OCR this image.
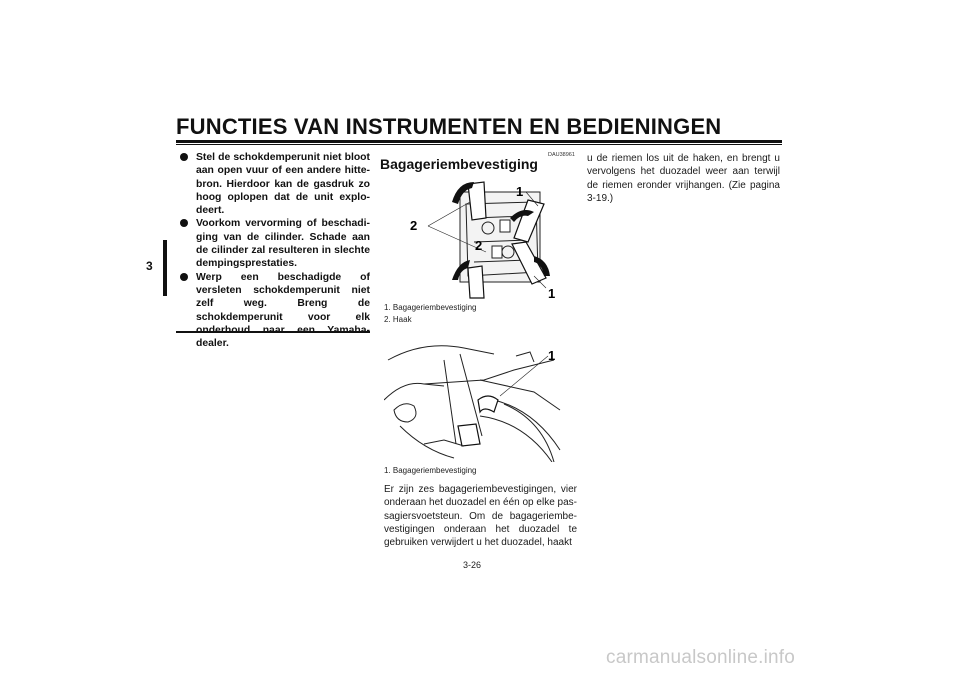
FUNCTIES VAN INSTRUMENTEN EN BEDIENINGEN
3
Stel de schokdemperunit niet bloot aan open vuur of een andere hitte-bron. Hierdoor kan de gasdruk zo hoog oplopen dat de unit explo-deert.
Voorkom vervorming of beschadi-ging van de cilinder. Schade aan de cilinder zal resulteren in slechte dempingsprestaties.
Werp een beschadigde of versleten schokdemperunit niet zelf weg. Breng de schokdemperunit voor elk dealer.
DAU38961
Bagageriembevestiging
1
2
2
1
1. Bagageriembevestiging
2. Haak
1
1. Bagageriembevestiging
Er zijn zes bagageriembevestigingen, vier onderaan het duozadel en één op elke pas-sagiersvoetsteun. Om de bagageriembe-vestigingen onderaan het duozadel te gebruiken verwijdert u het duozadel, haakt
u de riemen los uit de haken, en brengt u vervolgens het duozadel weer aan terwijl de riemen eronder vrijhangen. (Zie pagina 3-19.)
3-26
carmanualsonline.info
